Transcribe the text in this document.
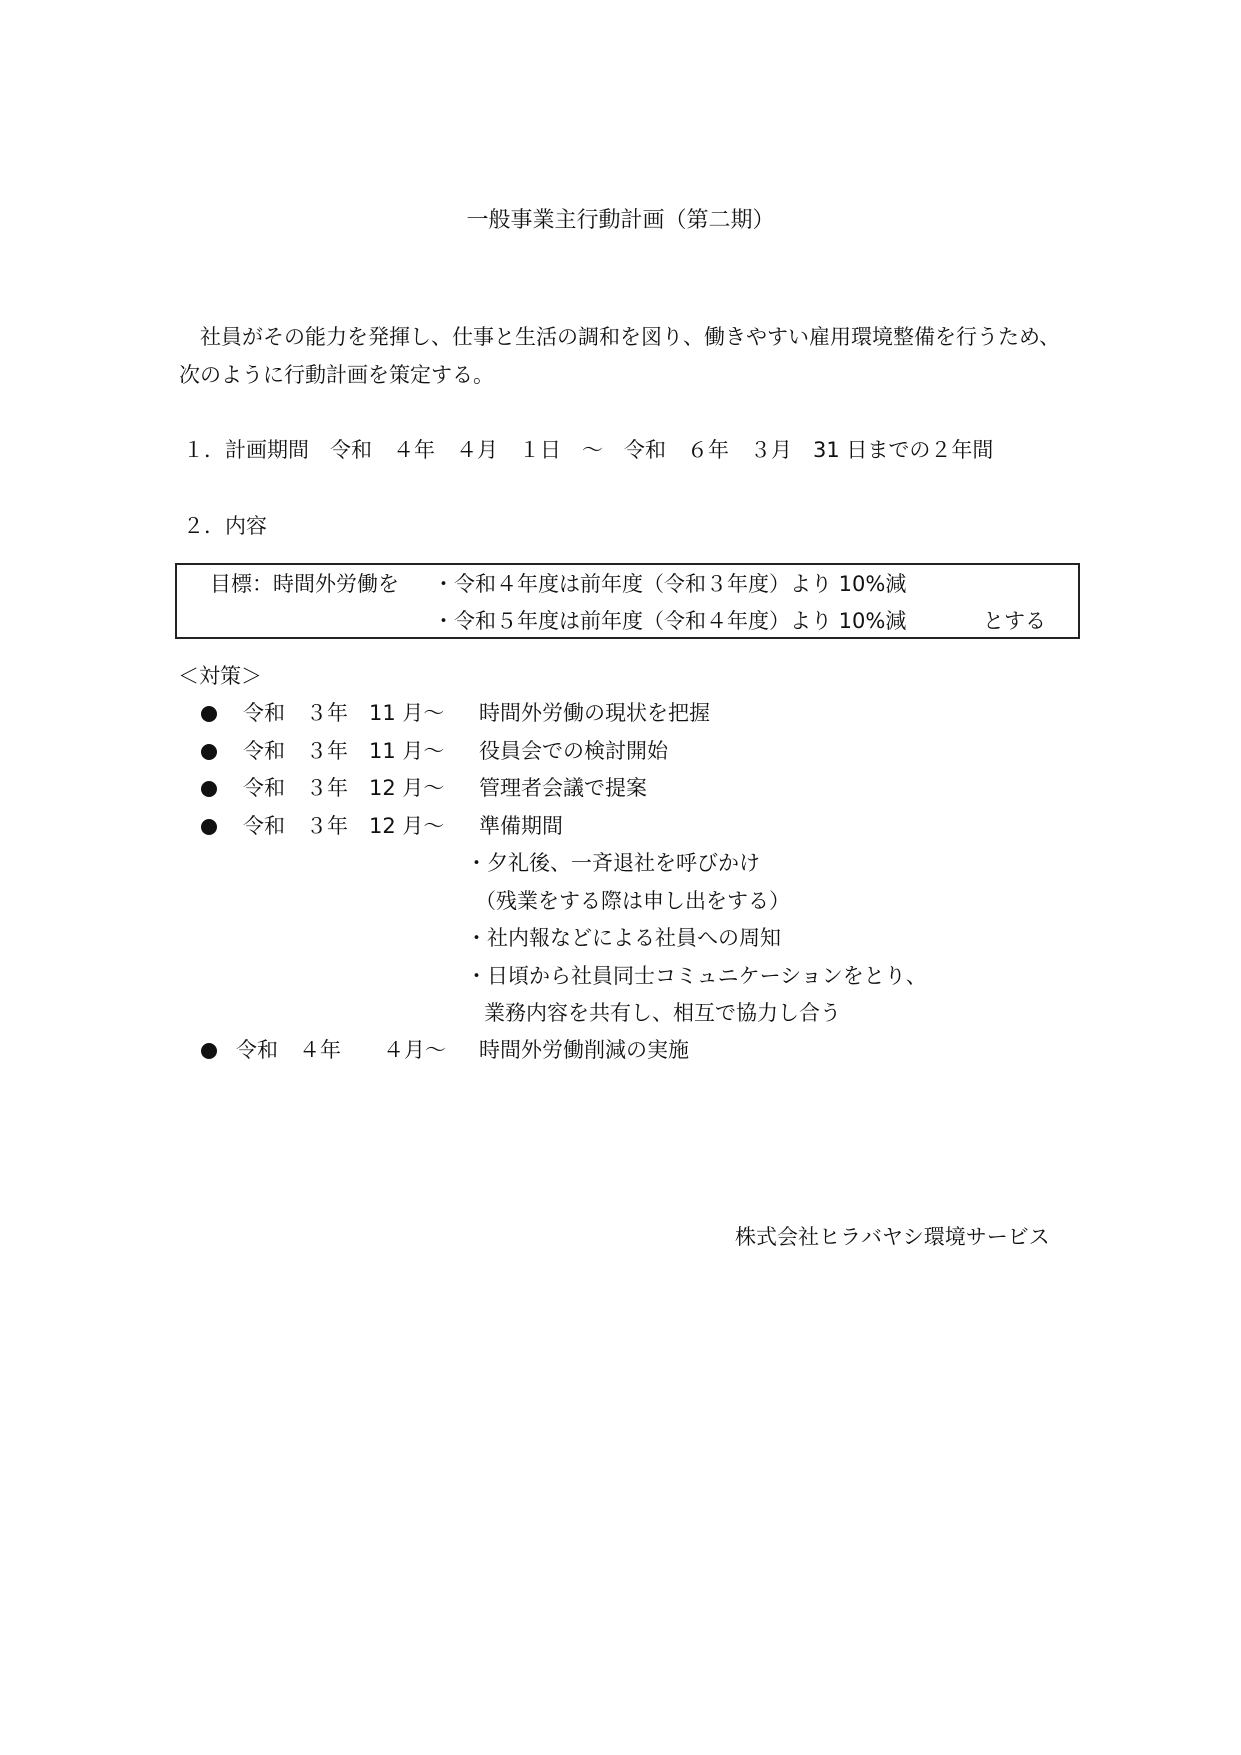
一般事業主行動計画（第二期）
社員がその能力を発揮し、仕事と生活の調和を図り、働きやすい雇用環境整備を行うため、
次のように行動計画を策定する。
１．計画期間　令和　４年　４月　１日　～　令和　６年　３月　31 日までの２年間
２．内容
目標：時間外労働を ・令和４年度は前年度（令和３年度）より 10%減
・令和５年度は前年度（令和４年度）より 10%減	とする
＜対策＞
令和　３年　11 月～ 時間外労働の現状を把握
令和　３年　11 月～ 役員会での検討開始
令和　３年　12 月～ 管理者会議で提案
令和　３年　12 月～ 準備期間
・夕礼後、一斉退社を呼びかけ
（残業をする際は申し出をする）
・社内報などによる社員への周知
・日頃から社員同士コミュニケーションをとり、
業務内容を共有し、相互で協力し合う
令和　４年　　４月～ 時間外労働削減の実施
株式会社ヒラバヤシ環境サービス
